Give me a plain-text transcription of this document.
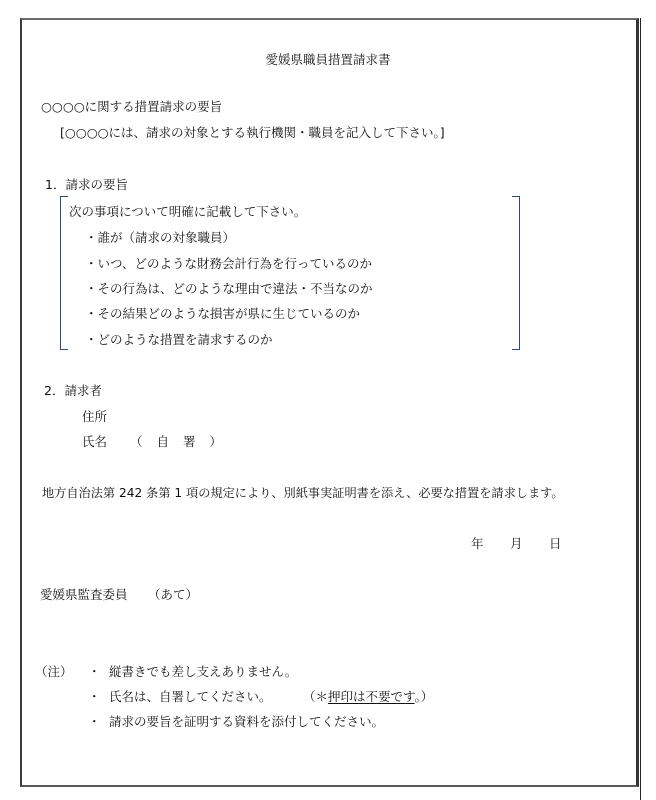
愛媛県職員措置請求書
○○○○に関する措置請求の要旨
[○○○○には、請求の対象とする執行機関・職員を記入して下さい。]
1．請求の要旨
次の事項について明確に記載して下さい。
・誰が（請求の対象職員）
・いつ、どのような財務会計行為を行っているのか
・その行為は、どのような理由で違法・不当なのか
・その結果どのような損害が県に生じているのか
・どのような措置を請求するのか
2．請求者
住所
氏名 （ 自 署 ）
地方自治法第 242 条第 1 項の規定により、別紙事実証明書を添え、必要な措置を請求します。
年 月 日
愛媛県監査委員 （あて）
（注） ・ 縦書きでも差し支えありません。
・ 氏名は、自署してください。	（＊押印は不要です。）
・ 請求の要旨を証明する資料を添付してください。
